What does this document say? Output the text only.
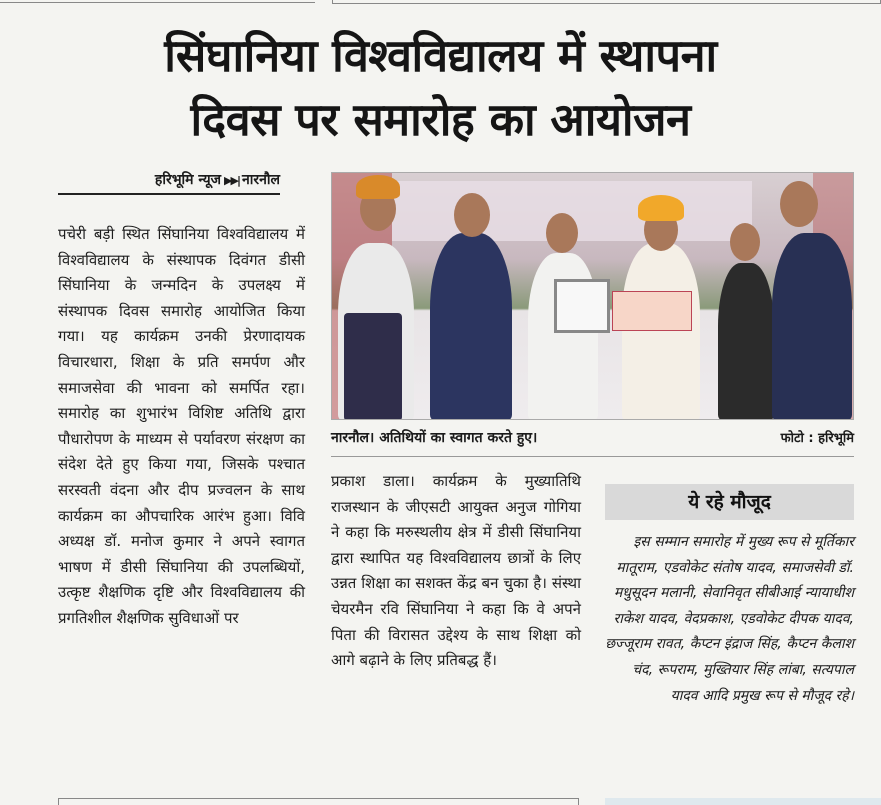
सिंघानिया विश्वविद्यालय में स्थापना
दिवस पर समारोह का आयोजन
हरिभूमि न्यूज ▶▶| नारनौल
पचेरी बड़ी स्थित सिंघानिया विश्वविद्यालय में विश्वविद्यालय के संस्थापक दिवंगत डीसी सिंघानिया के जन्मदिन के उपलक्ष्य में संस्थापक दिवस समारोह आयोजित किया गया। यह कार्यक्रम उनकी प्रेरणादायक विचारधारा, शिक्षा के प्रति समर्पण और समाजसेवा की भावना को समर्पित रहा। समारोह का शुभारंभ विशिष्ट अतिथि द्वारा पौधारोपण के माध्यम से पर्यावरण संरक्षण का संदेश देते हुए किया गया, जिसके पश्चात सरस्वती वंदना और दीप प्रज्वलन के साथ कार्यक्रम का औपचारिक आरंभ हुआ। विवि अध्यक्ष डॉ. मनोज कुमार ने अपने स्वागत भाषण में डीसी सिंघानिया की उपलब्धियों, उत्कृष्ट शैक्षणिक दृष्टि और विश्वविद्यालय की प्रगतिशील शैक्षणिक सुविधाओं पर
नारनौल। अतिथियों का स्वागत करते हुए।	फोटो : हरिभूमि
प्रकाश डाला। कार्यक्रम के मुख्यातिथि राजस्थान के जीएसटी आयुक्त अनुज गोगिया ने कहा कि मरुस्थलीय क्षेत्र में डीसी सिंघानिया द्वारा स्थापित यह विश्वविद्यालय छात्रों के लिए उन्नत शिक्षा का सशक्त केंद्र बन चुका है। संस्था चेयरमैन रवि सिंघानिया ने कहा कि वे अपने पिता की विरासत उद्देश्य के साथ शिक्षा को आगे बढ़ाने के लिए प्रतिबद्ध हैं।
ये रहे मौजूद
इस सम्मान समारोह में मुख्य रूप से मूर्तिकार मातूराम, एडवोकेट संतोष यादव, समाजसेवी डॉ. मधुसूदन मलानी, सेवानिवृत सीबीआई न्यायाधीश राकेश यादव, वेदप्रकाश, एडवोकेट दीपक यादव, छज्जूराम रावत, कैप्टन इंद्राज सिंह, कैप्टन कैलाश चंद, रूपराम, मुख्तियार सिंह लांबा, सत्यपाल यादव आदि प्रमुख रूप से मौजूद रहे।
